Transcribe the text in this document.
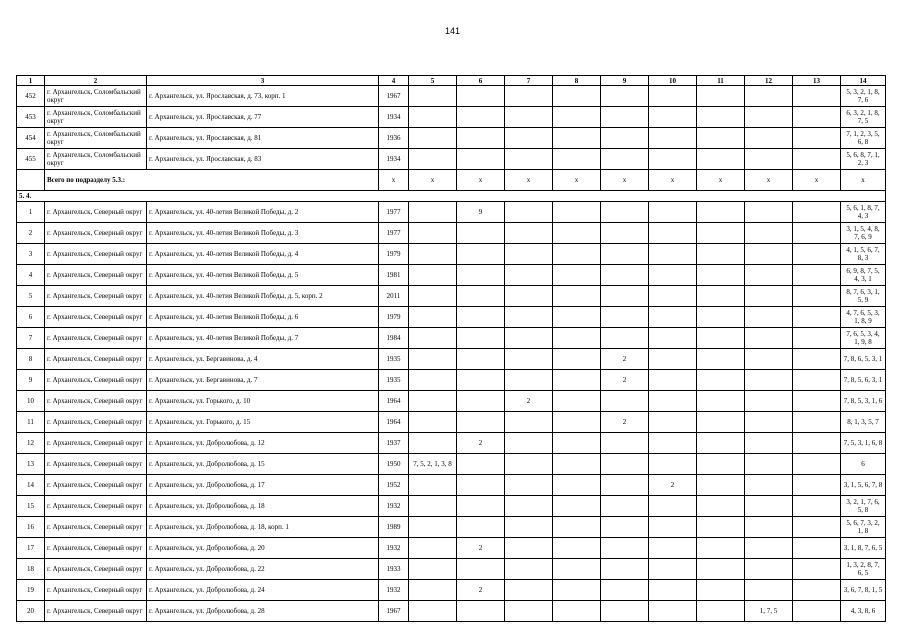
141
1	2	3	4	5	6	7	8	9	10	11	12	13	14
452	г. Архангельск, Соломбальский округ	г. Архангельск, ул. Ярославская, д. 73, корп. 1	1967										5, 3, 2, 1, 8, 7, 6
453	г. Архангельск, Соломбальский округ	г. Архангельск, ул. Ярославская, д. 77	1934										6, 3, 2, 1, 8, 7, 5
454	г. Архангельск, Соломбальский округ	г. Архангельск, ул. Ярославская, д. 81	1936										7, 1, 2, 3, 5, 6, 8
455	г. Архангельск, Соломбальский округ	г. Архангельск, ул. Ярославская, д. 83	1934										5, 6, 8, 7, 1, 2, 3
	Всего по подразделу 5.3.:		x	x	x	x	x	x	x	x	x	x	x
5. 4.													
1	г. Архангельск, Северный округ	г. Архангельск, ул. 40-летия Великой Победы, д. 2	1977		9								5, 6, 1, 8, 7, 4, 3
2	г. Архангельск, Северный округ	г. Архангельск, ул. 40-летия Великой Победы, д. 3	1977										3, 1, 5, 4, 8, 7, 6, 9
3	г. Архангельск, Северный округ	г. Архангельск, ул. 40-летия Великой Победы, д. 4	1979										4, 1, 5, 6, 7, 8, 3
4	г. Архангельск, Северный округ	г. Архангельск, ул. 40-летия Великой Победы, д. 5	1981										6, 9, 8, 7, 5, 4, 3, 1
5	г. Архангельск, Северный округ	г. Архангельск, ул. 40-летия Великой Победы, д. 5, корп. 2	2011										8, 7, 6, 3, 1, 5, 9
6	г. Архангельск, Северный округ	г. Архангельск, ул. 40-летия Великой Победы, д. 6	1979										4, 7, 6, 5, 3, 1, 8, 9
7	г. Архангельск, Северный округ	г. Архангельск, ул. 40-летия Великой Победы, д. 7	1984										7, 6, 5, 3, 4, 1, 9, 8
8	г. Архангельск, Северный округ	г. Архангельск, ул. Бергавинова, д. 4	1935					2					7, 8, 6, 5, 3, 1
9	г. Архангельск, Северный округ	г. Архангельск, ул. Бергавинова, д. 7	1935					2					7, 8, 5, 6, 3, 1
10	г. Архангельск, Северный округ	г. Архангельск, ул. Горького, д. 10	1964			2							7, 8, 5, 3, 1, 6
11	г. Архангельск, Северный округ	г. Архангельск, ул. Горького, д. 15	1964					2					8, 1, 3, 5, 7
12	г. Архангельск, Северный округ	г. Архангельск, ул. Добролюбова, д. 12	1937		2								7, 5, 3, 1, 6, 8
13	г. Архангельск, Северный округ	г. Архангельск, ул. Добролюбова, д. 15	1950	7, 5, 2, 1, 3, 8									6
14	г. Архангельск, Северный округ	г. Архангельск, ул. Добролюбова, д. 17	1952						2				3, 1, 5, 6, 7, 8
15	г. Архангельск, Северный округ	г. Архангельск, ул. Добролюбова, д. 18	1932										3, 2, 1, 7, 6, 5, 8
16	г. Архангельск, Северный округ	г. Архангельск, ул. Добролюбова, д. 18, корп. 1	1989										5, 6, 7, 3, 2, 1, 8
17	г. Архангельск, Северный округ	г. Архангельск, ул. Добролюбова, д. 20	1932		2								3, 1, 8, 7, 6, 5
18	г. Архангельск, Северный округ	г. Архангельск, ул. Добролюбова, д. 22	1933										1, 3, 2, 8, 7, 6, 5
19	г. Архангельск, Северный округ	г. Архангельск, ул. Добролюбова, д. 24	1932		2								3, 6, 7, 8, 1, 5
20	г. Архангельск, Северный округ	г. Архангельск, ул. Добролюбова, д. 28	1967								1, 7, 5		4, 3, 8, 6
